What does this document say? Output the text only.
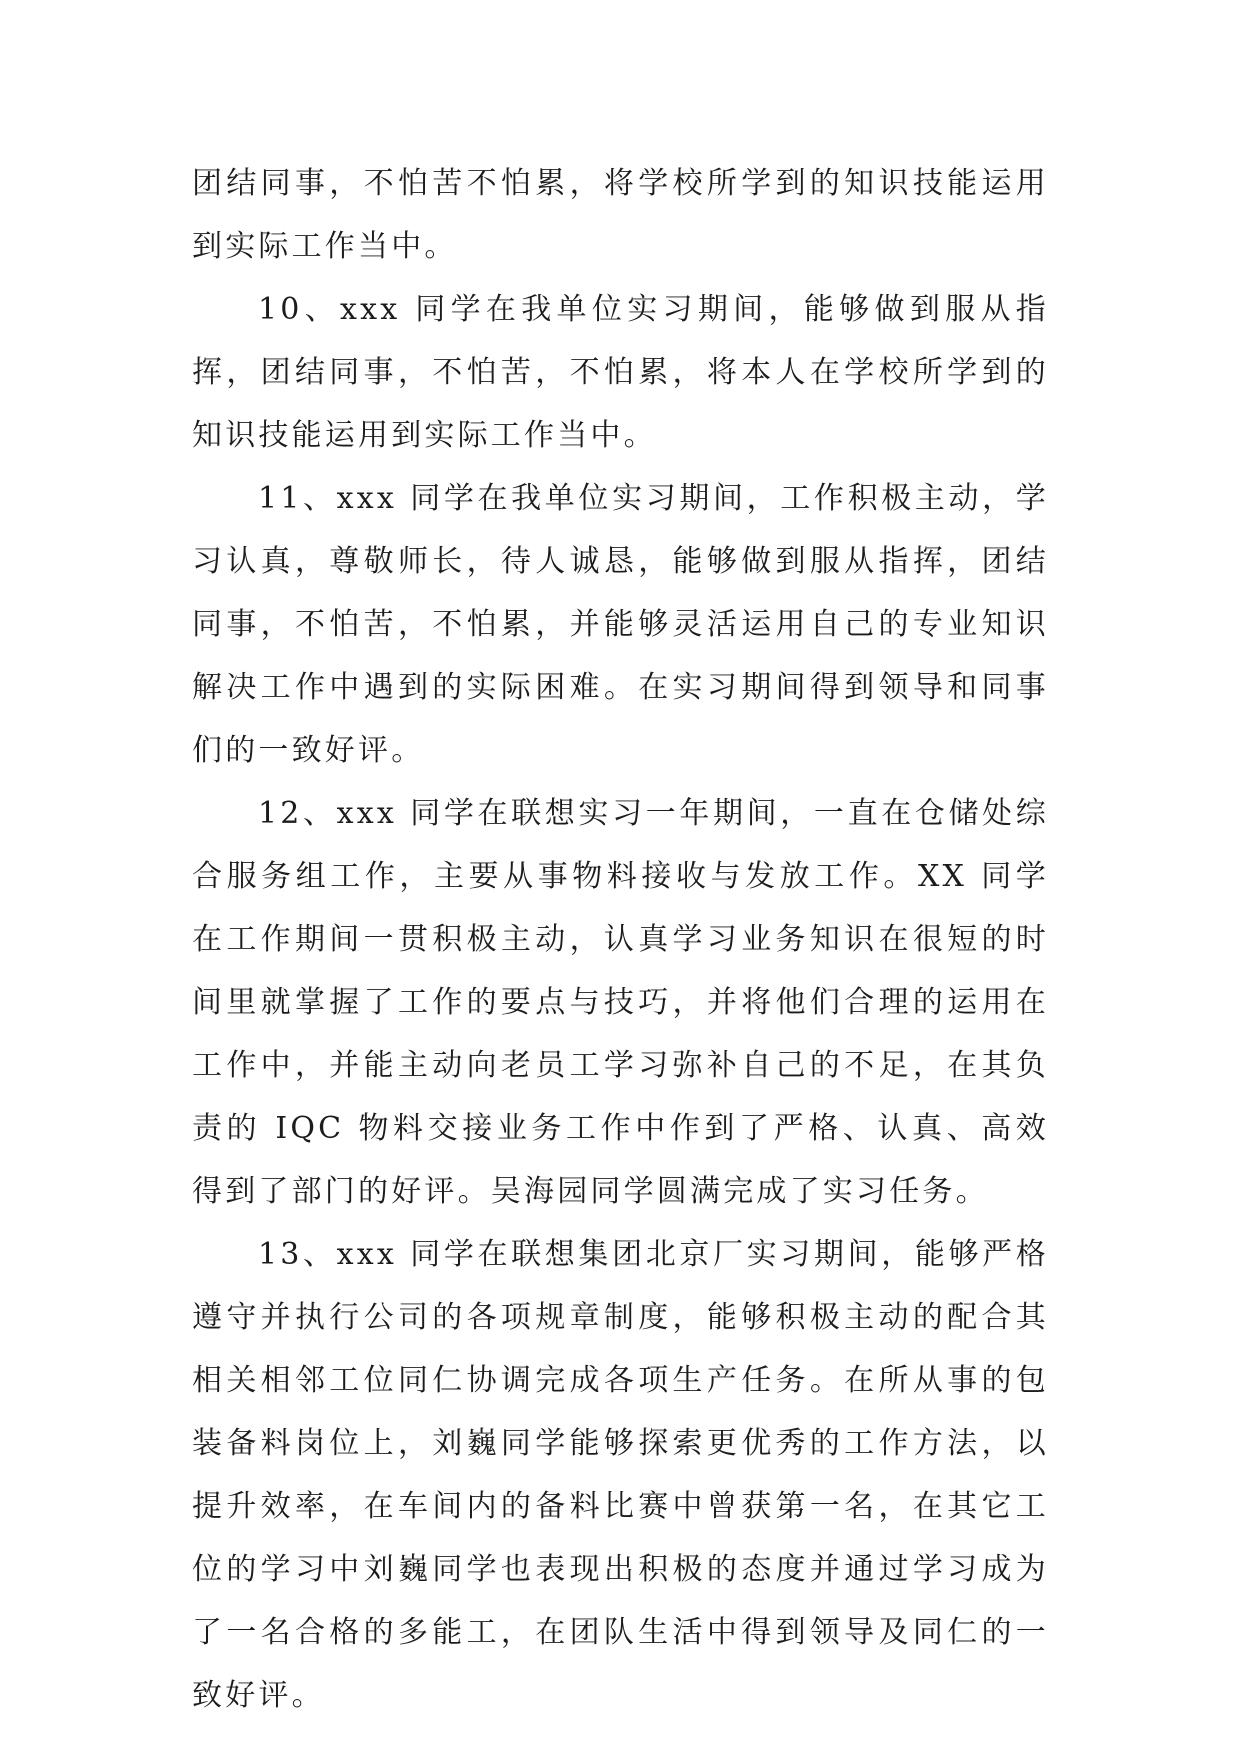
团结同事，不怕苦不怕累，将学校所学到的知识技能运用到实际工作当中。

10、xxx 同学在我单位实习期间，能够做到服从指挥，团结同事，不怕苦，不怕累，将本人在学校所学到的知识技能运用到实际工作当中。

11、xxx 同学在我单位实习期间，工作积极主动，学习认真，尊敬师长，待人诚恳，能够做到服从指挥，团结同事，不怕苦，不怕累，并能够灵活运用自己的专业知识解决工作中遇到的实际困难。在实习期间得到领导和同事们的一致好评。

12、xxx 同学在联想实习一年期间，一直在仓储处综合服务组工作，主要从事物料接收与发放工作。XX 同学在工作期间一贯积极主动，认真学习业务知识在很短的时间里就掌握了工作的要点与技巧，并将他们合理的运用在工作中，并能主动向老员工学习弥补自己的不足，在其负责的 IQC 物料交接业务工作中作到了严格、认真、高效得到了部门的好评。吴海园同学圆满完成了实习任务。

13、xxx 同学在联想集团北京厂实习期间，能够严格遵守并执行公司的各项规章制度，能够积极主动的配合其相关相邻工位同仁协调完成各项生产任务。在所从事的包装备料岗位上，刘巍同学能够探索更优秀的工作方法，以提升效率，在车间内的备料比赛中曾获第一名，在其它工位的学习中刘巍同学也表现出积极的态度并通过学习成为了一名合格的多能工，在团队生活中得到领导及同仁的一致好评。
